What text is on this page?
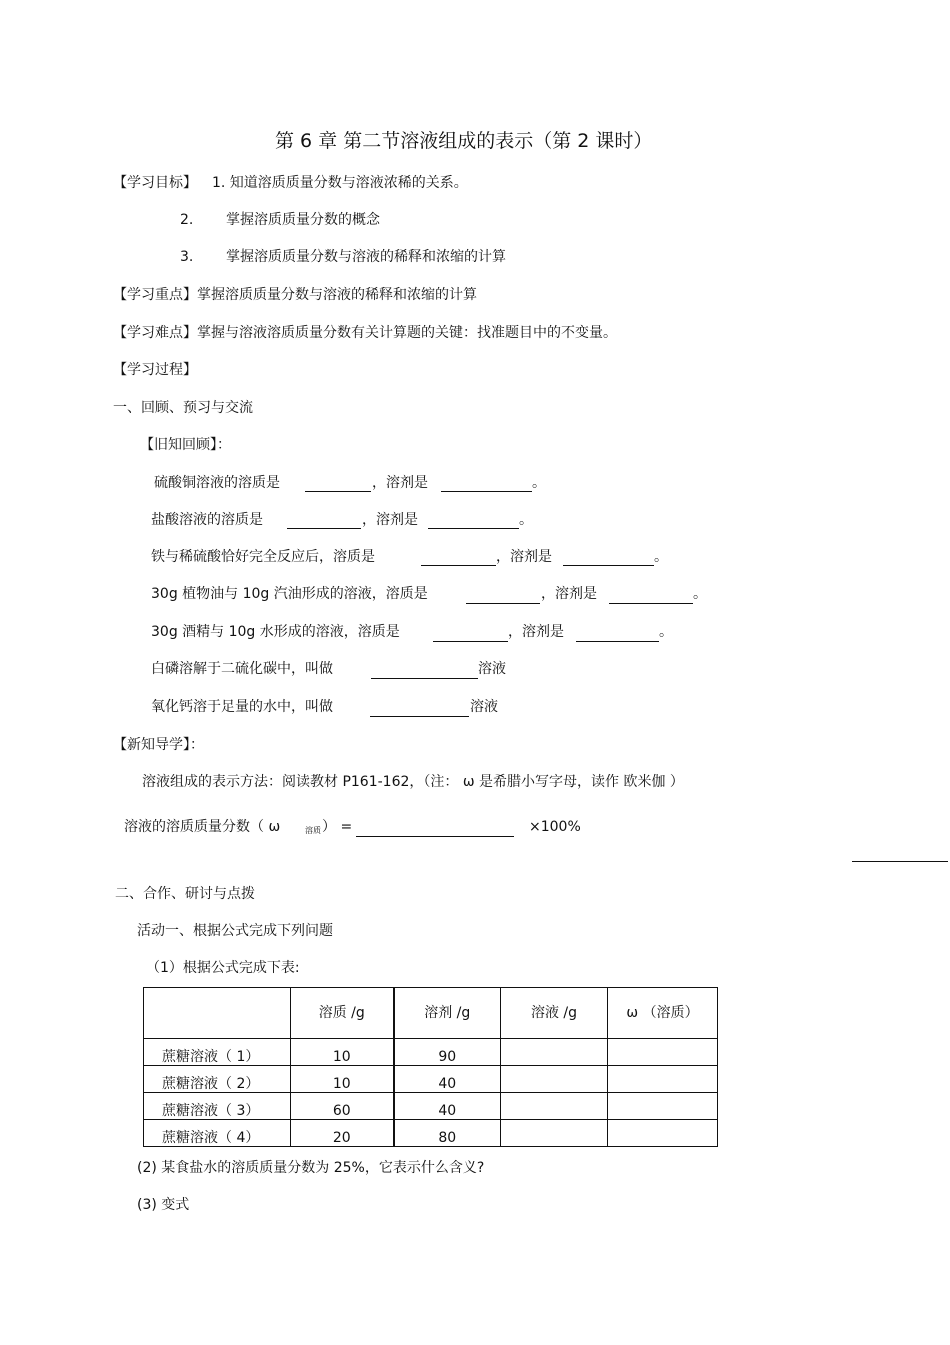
第 6 章 第二节溶液组成的表示（第 2 课时）
【学习目标】 1. 知道溶质质量分数与溶液浓稀的关系。
2. 掌握溶质质量分数的概念
3. 掌握溶质质量分数与溶液的稀释和浓缩的计算
【学习重点】掌握溶质质量分数与溶液的稀释和浓缩的计算
【学习难点】掌握与溶液溶质质量分数有关计算题的关键：找准题目中的不变量。
【学习过程】
一、回顾、预习与交流
【旧知回顾】：
硫酸铜溶液的溶质是	，溶剂是	。
盐酸溶液的溶质是	，溶剂是	。
铁与稀硫酸恰好完全反应后，溶质是	，溶剂是	。
30g 植物油与 10g 汽油形成的溶液，溶质是	，溶剂是	。
30g 酒精与 10g 水形成的溶液，溶质是	，溶剂是	。
白磷溶解于二硫化碳中，叫做	溶液
氧化钙溶于足量的水中，叫做	溶液
【新知导学】：
溶液组成的表示方法：阅读教材 P161-162，（注： ω 是希腊小写字母，读作 欧米伽 ）
溶液的溶质质量分数（ ω	溶质 ） =	×100%
二、合作、研讨与点拨
活动一、根据公式完成下列问题
（1）根据公式完成下表:
	溶质 /g	溶剂 /g	溶液 /g	ω （溶质）
蔗糖溶液（ 1）	10	90		
蔗糖溶液（ 2）	10	40		
蔗糖溶液（ 3）	60	40		
蔗糖溶液（ 4）	20	80		
(2) 某食盐水的溶质质量分数为 25%，它表示什么含义?
(3) 变式
